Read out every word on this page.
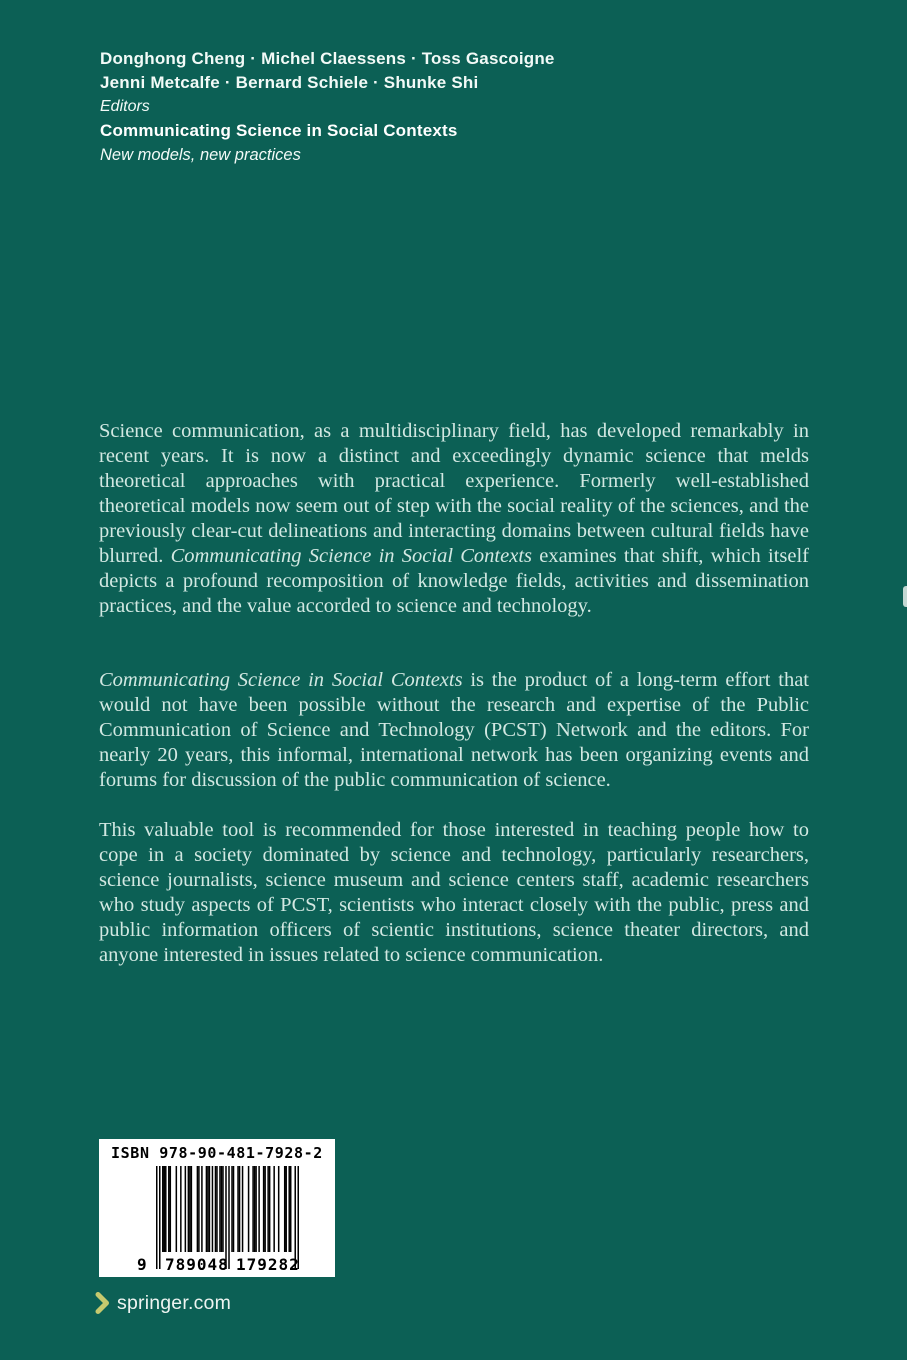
Donghong Cheng · Michel Claessens · Toss Gascoigne
Jenni Metcalfe · Bernard Schiele · Shunke Shi
Editors
Communicating Science in Social Contexts
New models, new practices

Science communication, as a multidisciplinary field, has developed remarkably in recent years. It is now a distinct and exceedingly dynamic science that melds theoretical approaches with practical experience. Formerly well-established theoretical models now seem out of step with the social reality of the sciences, and the previously clear-cut delineations and interacting domains between cultural fields have blurred. Communicating Science in Social Contexts examines that shift, which itself depicts a profound recomposition of knowledge fields, activities and dissemination practices, and the value accorded to science and technology.

Communicating Science in Social Contexts is the product of a long-term effort that would not have been possible without the research and expertise of the Public Communication of Science and Technology (PCST) Network and the editors. For nearly 20 years, this informal, international network has been organizing events and forums for discussion of the public communication of science.

This valuable tool is recommended for those interested in teaching people how to cope in a society dominated by science and technology, particularly researchers, science journalists, science museum and science centers staff, academic researchers who study aspects of PCST, scientists who interact closely with the public, press and public information officers of scientic institutions, science theater directors, and anyone interested in issues related to science communication.

ISBN 978-90-481-7928-2
9 789048 179282
springer.com
